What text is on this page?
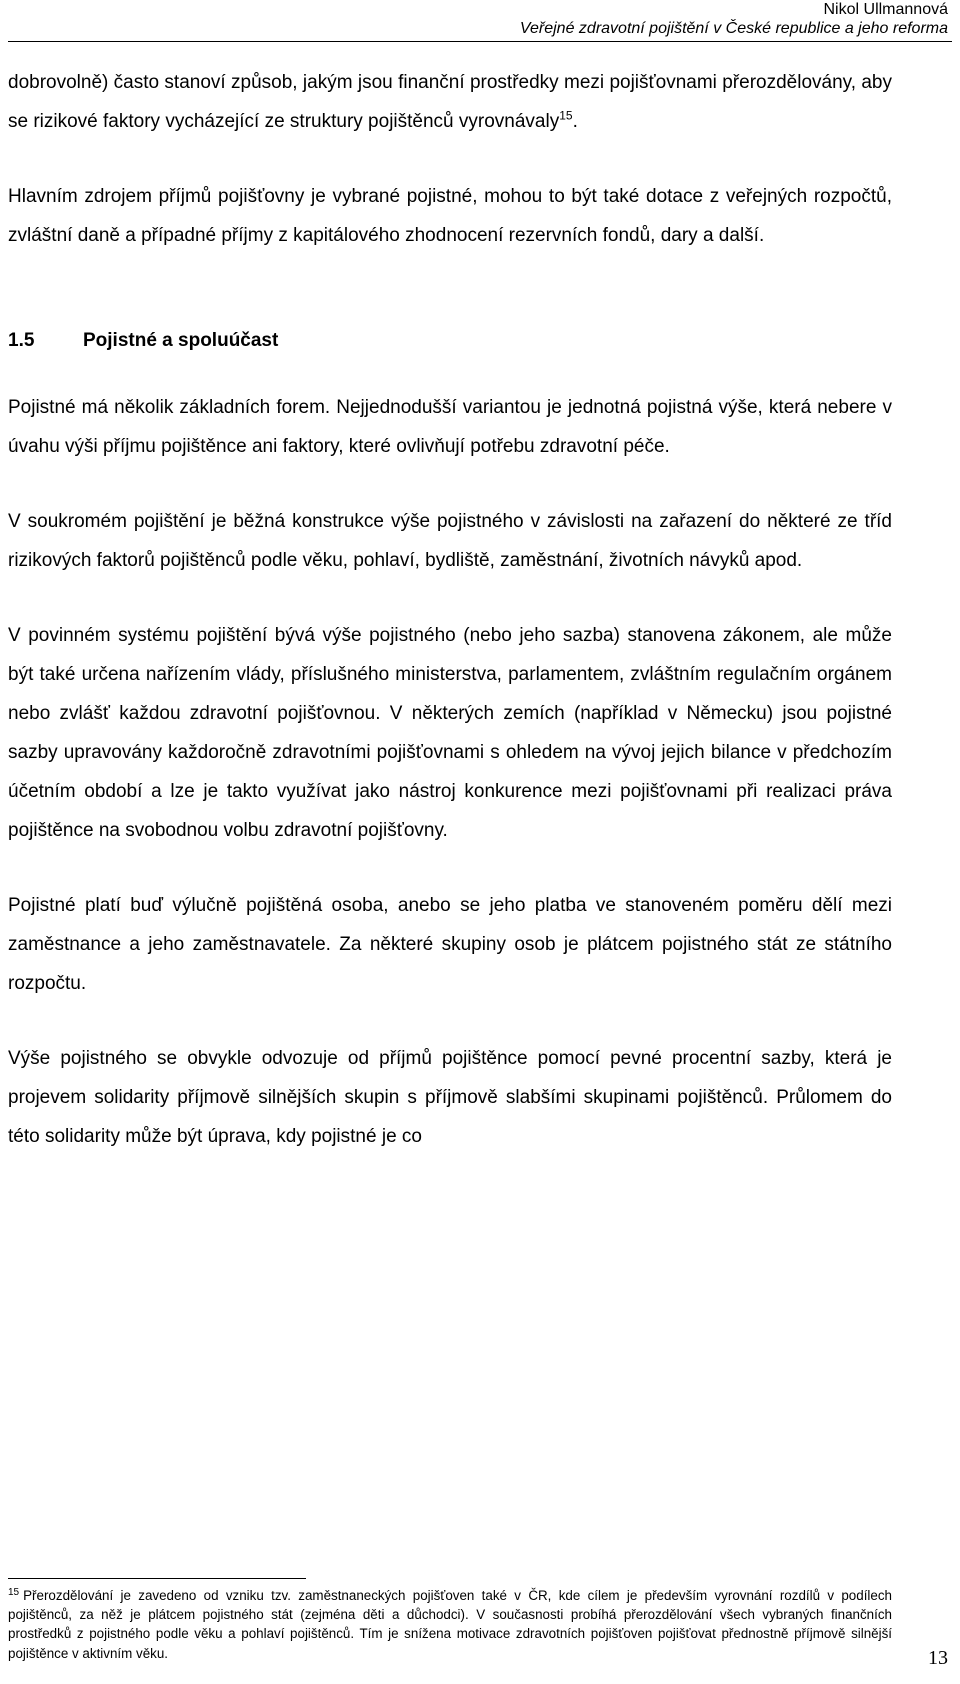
Nikol Ullmannová
Veřejné zdravotní pojištění v České republice a jeho reforma

dobrovolně) často stanoví způsob, jakým jsou finanční prostředky mezi pojišťovnami přerozdělovány, aby se rizikové faktory vycházející ze struktury pojištěnců vyrovnávaly$^{15}$.

Hlavním zdrojem příjmů pojišťovny je vybrané pojistné, mohou to být také dotace z veřejných rozpočtů, zvláštní daně a případné příjmy z kapitálového zhodnocení rezervních fondů, dary a další.

1.5	Pojistné a spoluúčast

Pojistné má několik základních forem. Nejjednodušší variantou je jednotná pojistná výše, která nebere v úvahu výši příjmu pojištěnce ani faktory, které ovlivňují potřebu zdravotní péče.

V soukromém pojištění je běžná konstrukce výše pojistného v závislosti na zařazení do některé ze tříd rizikových faktorů pojištěnců podle věku, pohlaví, bydliště, zaměstnání, životních návyků apod.

V povinném systému pojištění bývá výše pojistného (nebo jeho sazba) stanovena zákonem, ale může být také určena nařízením vlády, příslušného ministerstva, parlamentem, zvláštním regulačním orgánem nebo zvlášť každou zdravotní pojišťovnou. V některých zemích (například v Německu) jsou pojistné sazby upravovány každoročně zdravotními pojišťovnami s ohledem na vývoj jejich bilance v předchozím účetním období a lze je takto využívat jako nástroj konkurence mezi pojišťovnami při realizaci práva pojištěnce na svobodnou volbu zdravotní pojišťovny.

Pojistné platí buď výlučně pojištěná osoba, anebo se jeho platba ve stanoveném poměru dělí mezi zaměstnance a jeho zaměstnavatele. Za některé skupiny osob je plátcem pojistného stát ze státního rozpočtu.

Výše pojistného se obvykle odvozuje od příjmů pojištěnce pomocí pevné procentní sazby, která je projevem solidarity příjmově silnějších skupin s příjmově slabšími skupinami pojištěnců. Průlomem do této solidarity může být úprava, kdy pojistné je co

$^{15}$ Přerozdělování je zavedeno od vzniku tzv. zaměstnaneckých pojišťoven také v ČR, kde cílem je především vyrovnání rozdílů v podílech pojištěnců, za něž je plátcem pojistného stát (zejména děti a důchodci). V současnosti probíhá přerozdělování všech vybraných finančních prostředků z pojistného podle věku a pohlaví pojištěnců. Tím je snížena motivace zdravotních pojišťoven pojišťovat přednostně příjmově silnější pojištěnce v aktivním věku.	13
